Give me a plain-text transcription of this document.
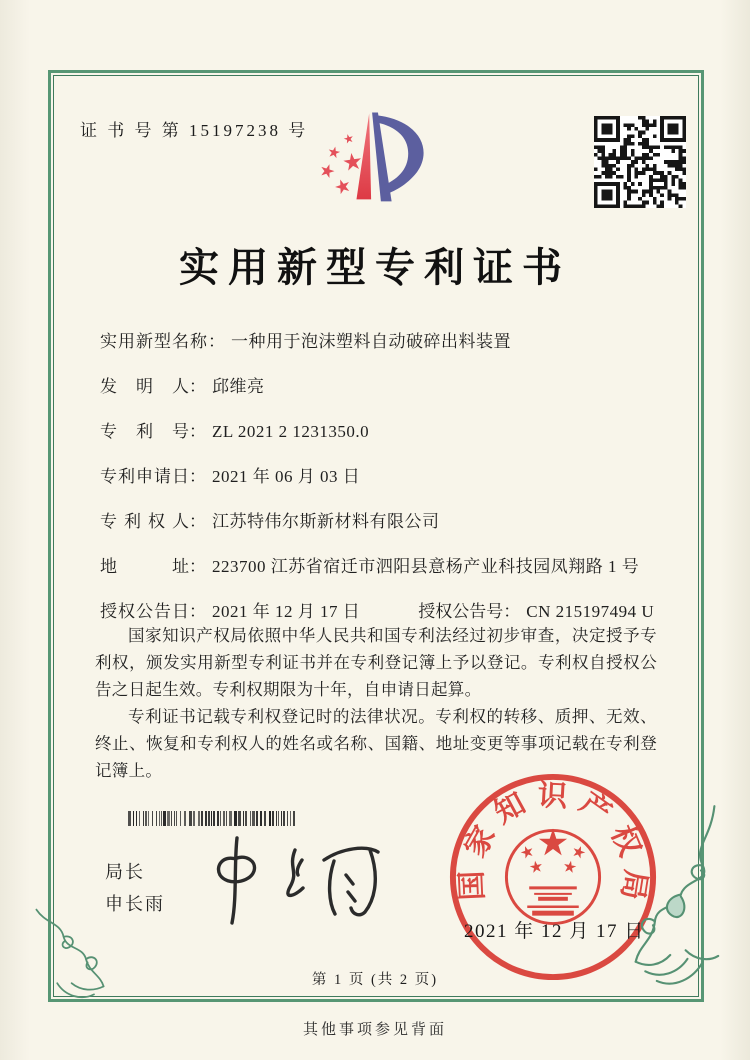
证 书 号 第 15197238 号
实用新型专利证书
实用新型名称： 一种用于泡沫塑料自动破碎出料装置
发明人： 邱维亮
专利号： ZL 2021 2 1231350.0
专利申请日： 2021 年 06 月 03 日
专利权人： 江苏特伟尔斯新材料有限公司
地址： 223700 江苏省宿迁市泗阳县意杨产业科技园凤翔路 1 号
授权公告日： 2021 年 12 月 17 日	授权公告号： CN 215197494 U

国家知识产权局依照中华人民共和国专利法经过初步审查，决定授予专利权，颁发实用新型专利证书并在专利登记簿上予以登记。专利权自授权公告之日起生效。专利权期限为十年，自申请日起算。

专利证书记载专利权登记时的法律状况。专利权的转移、质押、无效、终止、恢复和专利权人的姓名或名称、国籍、地址变更等事项记载在专利登记簿上。

局长
申长雨
国家知识产权局
2021 年 12 月 17 日
第 1 页 (共 2 页)
其他事项参见背面
